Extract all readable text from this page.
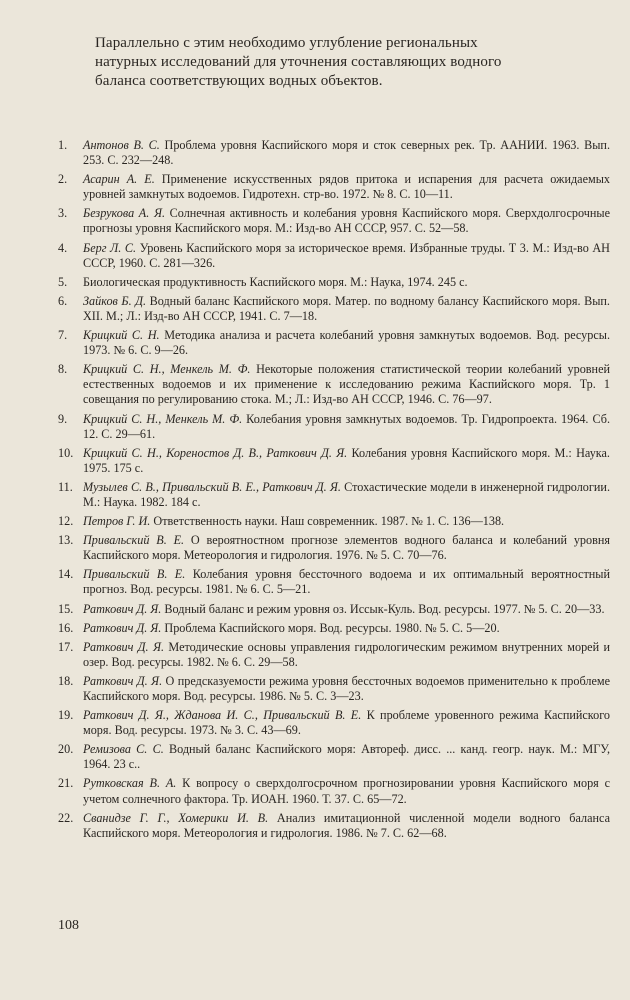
Параллельно с этим необходимо углубление региональных
натурных исследований для уточнения составляющих водного
баланса соответствующих водных объектов.
1.	Антонов В. С. Проблема уровня Каспийского моря и сток северных рек. Тр. ААНИИ. 1963. Вып. 253. С. 232—248.
2.	Асарин А. Е. Применение искусственных рядов притока и испарения для расчета ожидаемых уровней замкнутых водоемов. Гидротехн. стр-во. 1972. № 8. С. 10—11.
3.	Безрукова А. Я. Солнечная активность и колебания уровня Каспийского моря. Сверхдолгосрочные прогнозы уровня Каспийского моря. М.: Изд-во АН СССР, 957. С. 52—58.
4.	Берг Л. С. Уровень Каспийского моря за историческое время. Избранные труды. Т 3. М.: Изд-во АН СССР, 1960. С. 281—326.
5.	Биологическая продуктивность Каспийского моря. М.: Наука, 1974. 245 с.
6.	Зайков Б. Д. Водный баланс Каспийского моря. Матер. по водному балансу Каспийского моря. Вып. XII. М.; Л.: Изд-во АН СССР, 1941. С. 7—18.
7.	Крицкий С. Н. Методика анализа и расчета колебаний уровня замкнутых водоемов. Вод. ресурсы. 1973. № 6. С. 9—26.
8.	Крицкий С. Н., Менкель М. Ф. Некоторые положения статистической теории колебаний уровней естественных водоемов и их применение к исследованию режима Каспийского моря. Тр. 1 совещания по регулированию стока. М.; Л.: Изд-во АН СССР, 1946. С. 76—97.
9.	Крицкий С. Н., Менкель М. Ф. Колебания уровня замкнутых водоемов. Тр. Гидропроекта. 1964. Сб. 12. С. 29—61.
10. Крицкий С. Н., Кореностов Д. В., Раткович Д. Я. Колебания уровня Каспийского моря. М.: Наука. 1975. 175 с.
11. Музылев С. В., Привальский В. Е., Раткович Д. Я. Стохастические модели в инженерной гидрологии. М.: Наука. 1982. 184 с.
12. Петров Г. И. Ответственность науки. Наш современник. 1987. № 1. С. 136—138.
13. Привальский В. Е. О вероятностном прогнозе элементов водного баланса и колебаний уровня Каспийского моря. Метеорология и гидрология. 1976. № 5. С. 70—76.
14. Привальский В. Е. Колебания уровня бессточного водоема и их оптимальный вероятностный прогноз. Вод. ресурсы. 1981. № 6. С. 5—21.
15. Раткович Д. Я. Водный баланс и режим уровня оз. Иссык-Куль. Вод. ресурсы. 1977. № 5. С. 20—33.
16. Раткович Д. Я. Проблема Каспийского моря. Вод. ресурсы. 1980. № 5. С. 5—20.
17. Раткович Д. Я. Методические основы управления гидрологическим режимом внутренних морей и озер. Вод. ресурсы. 1982. № 6. С. 29—58.
18. Раткович Д. Я. О предсказуемости режима уровня бессточных водоемов применительно к проблеме Каспийского моря. Вод. ресурсы. 1986. № 5. С. 3—23.
19. Раткович Д. Я., Жданова И. С., Привальский В. Е. К проблеме уровенного режима Каспийского моря. Вод. ресурсы. 1973. № 3. С. 43—69.
20. Ремизова С. С. Водный баланс Каспийского моря: Автореф. дисс. ... канд. геогр. наук. М.: МГУ, 1964. 23 с..
21. Рутковская В. А. К вопросу о сверхдолгосрочном прогнозировании уровня Каспийского моря с учетом солнечного фактора. Тр. ИОАН. 1960. Т. 37. С. 65—72.
22. Сванидзе Г. Г., Хомерики И. В. Анализ имитационной численной модели водного баланса Каспийского моря. Метеорология и гидрология. 1986. № 7. С. 62—68.
108
